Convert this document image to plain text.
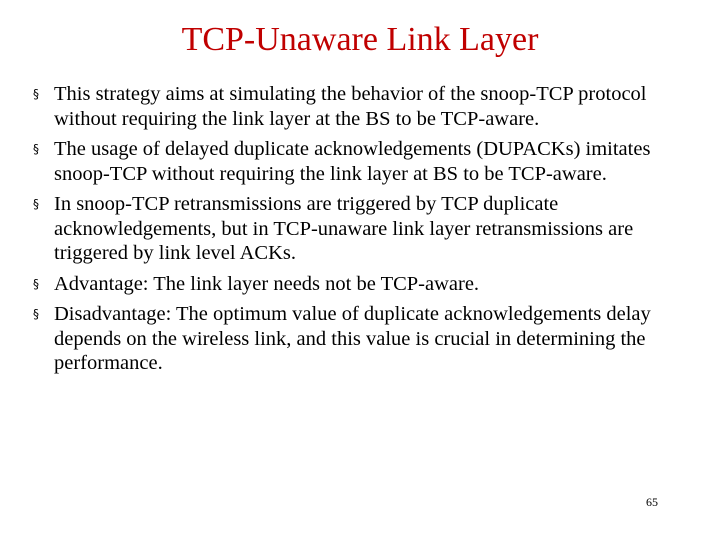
TCP-Unaware Link Layer
§ This strategy aims at simulating the behavior of the snoop-TCP protocol without requiring the link layer at the BS to be TCP-aware.
§ The usage of delayed duplicate acknowledgements (DUPACKs) imitates snoop-TCP without requiring the link layer at BS to be TCP-aware.
§ In snoop-TCP retransmissions are triggered by TCP duplicate acknowledgements, but in TCP-unaware link layer retransmissions are triggered by link level ACKs.
§ Advantage: The link layer needs not be TCP-aware.
§ Disadvantage: The optimum value of duplicate acknowledgements delay depends on the wireless link, and this value is crucial in determining the performance.
65
